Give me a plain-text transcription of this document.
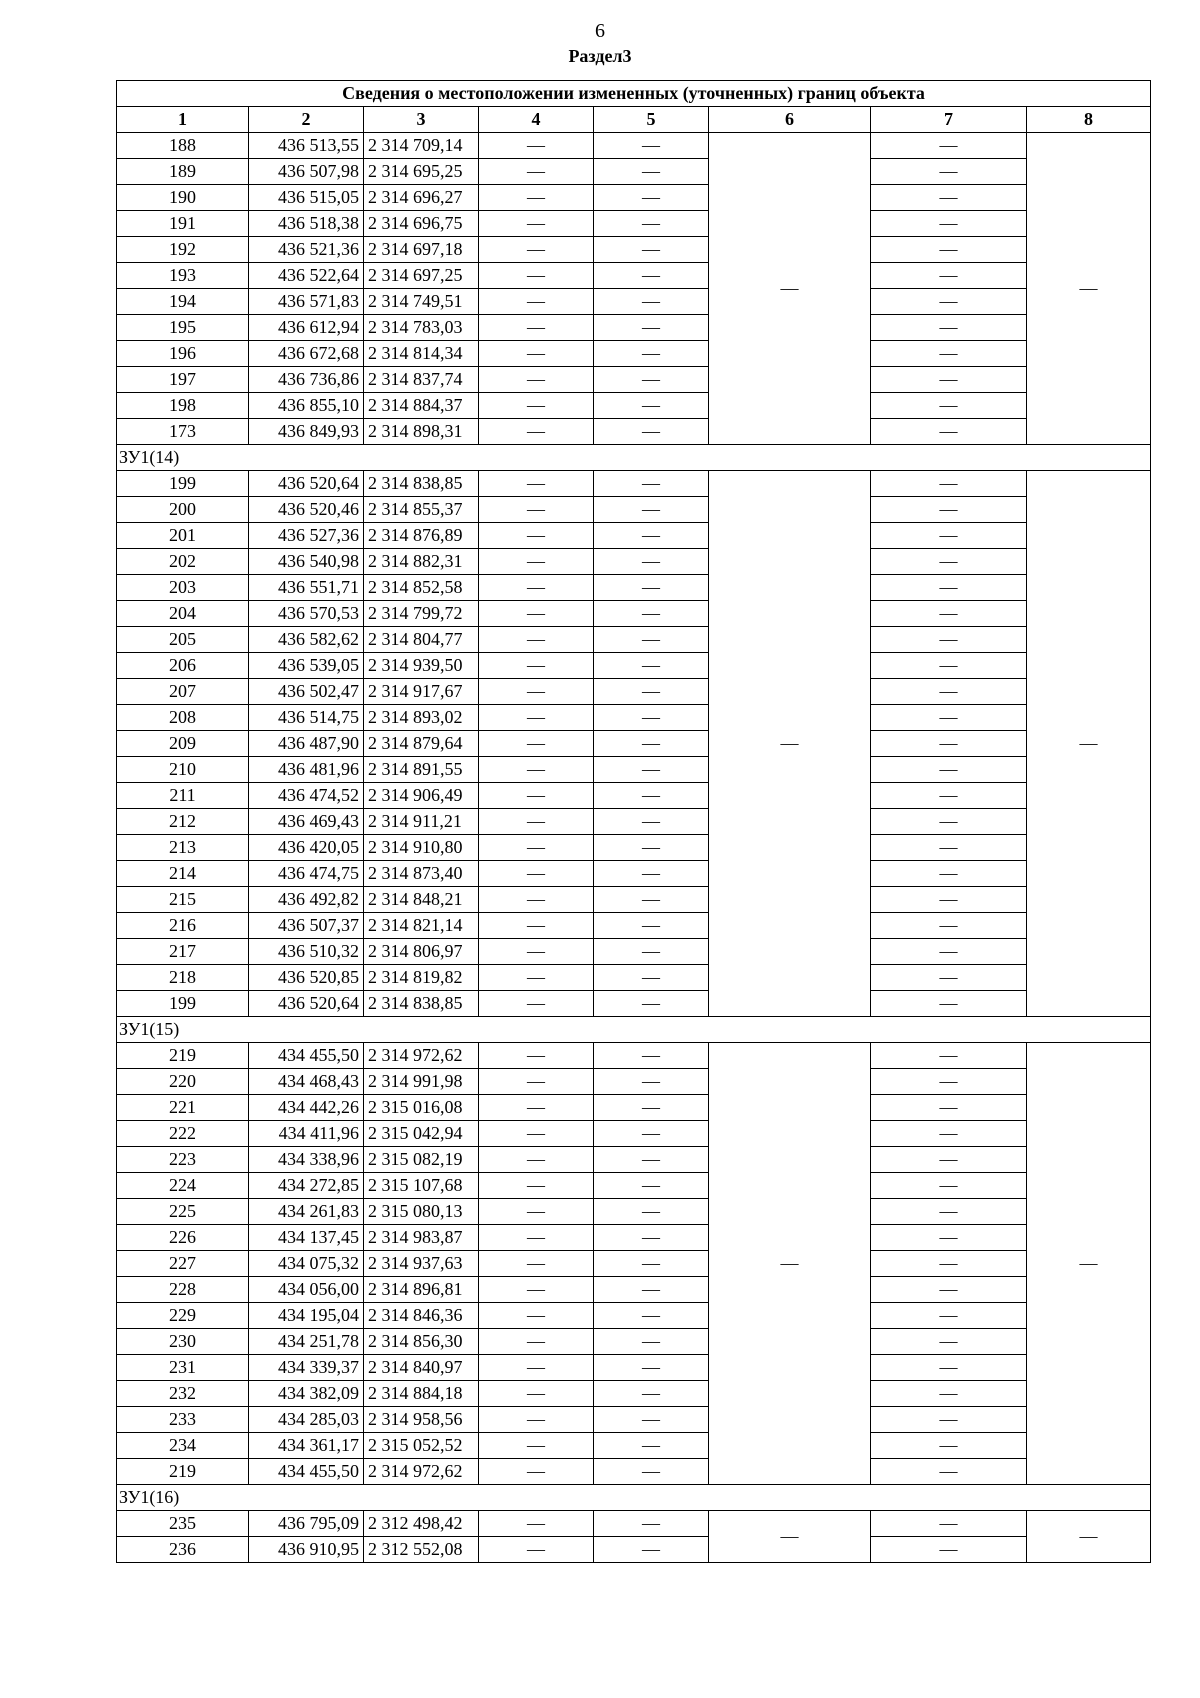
6
Раздел3
Сведения о местоположении измененных (уточненных) границ объекта							
1	2	3	4	5	6	7	8
188	436 513,55	2 314 709,14	—	—	—	—	—
189	436 507,98	2 314 695,25	—	—		—	
190	436 515,05	2 314 696,27	—	—		—	
191	436 518,38	2 314 696,75	—	—		—	
192	436 521,36	2 314 697,18	—	—		—	
193	436 522,64	2 314 697,25	—	—		—	
194	436 571,83	2 314 749,51	—	—		—	
195	436 612,94	2 314 783,03	—	—		—	
196	436 672,68	2 314 814,34	—	—		—	
197	436 736,86	2 314 837,74	—	—		—	
198	436 855,10	2 314 884,37	—	—		—	
173	436 849,93	2 314 898,31	—	—		—	
ЗУ1(14)							
199	436 520,64	2 314 838,85	—	—	—	—	—
200	436 520,46	2 314 855,37	—	—		—	
201	436 527,36	2 314 876,89	—	—		—	
202	436 540,98	2 314 882,31	—	—		—	
203	436 551,71	2 314 852,58	—	—		—	
204	436 570,53	2 314 799,72	—	—		—	
205	436 582,62	2 314 804,77	—	—		—	
206	436 539,05	2 314 939,50	—	—		—	
207	436 502,47	2 314 917,67	—	—		—	
208	436 514,75	2 314 893,02	—	—		—	
209	436 487,90	2 314 879,64	—	—		—	
210	436 481,96	2 314 891,55	—	—		—	
211	436 474,52	2 314 906,49	—	—		—	
212	436 469,43	2 314 911,21	—	—		—	
213	436 420,05	2 314 910,80	—	—		—	
214	436 474,75	2 314 873,40	—	—		—	
215	436 492,82	2 314 848,21	—	—		—	
216	436 507,37	2 314 821,14	—	—		—	
217	436 510,32	2 314 806,97	—	—		—	
218	436 520,85	2 314 819,82	—	—		—	
199	436 520,64	2 314 838,85	—	—		—	
ЗУ1(15)							
219	434 455,50	2 314 972,62	—	—	—	—	—
220	434 468,43	2 314 991,98	—	—		—	
221	434 442,26	2 315 016,08	—	—		—	
222	434 411,96	2 315 042,94	—	—		—	
223	434 338,96	2 315 082,19	—	—		—	
224	434 272,85	2 315 107,68	—	—		—	
225	434 261,83	2 315 080,13	—	—		—	
226	434 137,45	2 314 983,87	—	—		—	
227	434 075,32	2 314 937,63	—	—		—	
228	434 056,00	2 314 896,81	—	—		—	
229	434 195,04	2 314 846,36	—	—		—	
230	434 251,78	2 314 856,30	—	—		—	
231	434 339,37	2 314 840,97	—	—		—	
232	434 382,09	2 314 884,18	—	—		—	
233	434 285,03	2 314 958,56	—	—		—	
234	434 361,17	2 315 052,52	—	—		—	
219	434 455,50	2 314 972,62	—	—		—	
ЗУ1(16)							
235	436 795,09	2 312 498,42	—	—	—	—	—
236	436 910,95	2 312 552,08	—	—		—	
